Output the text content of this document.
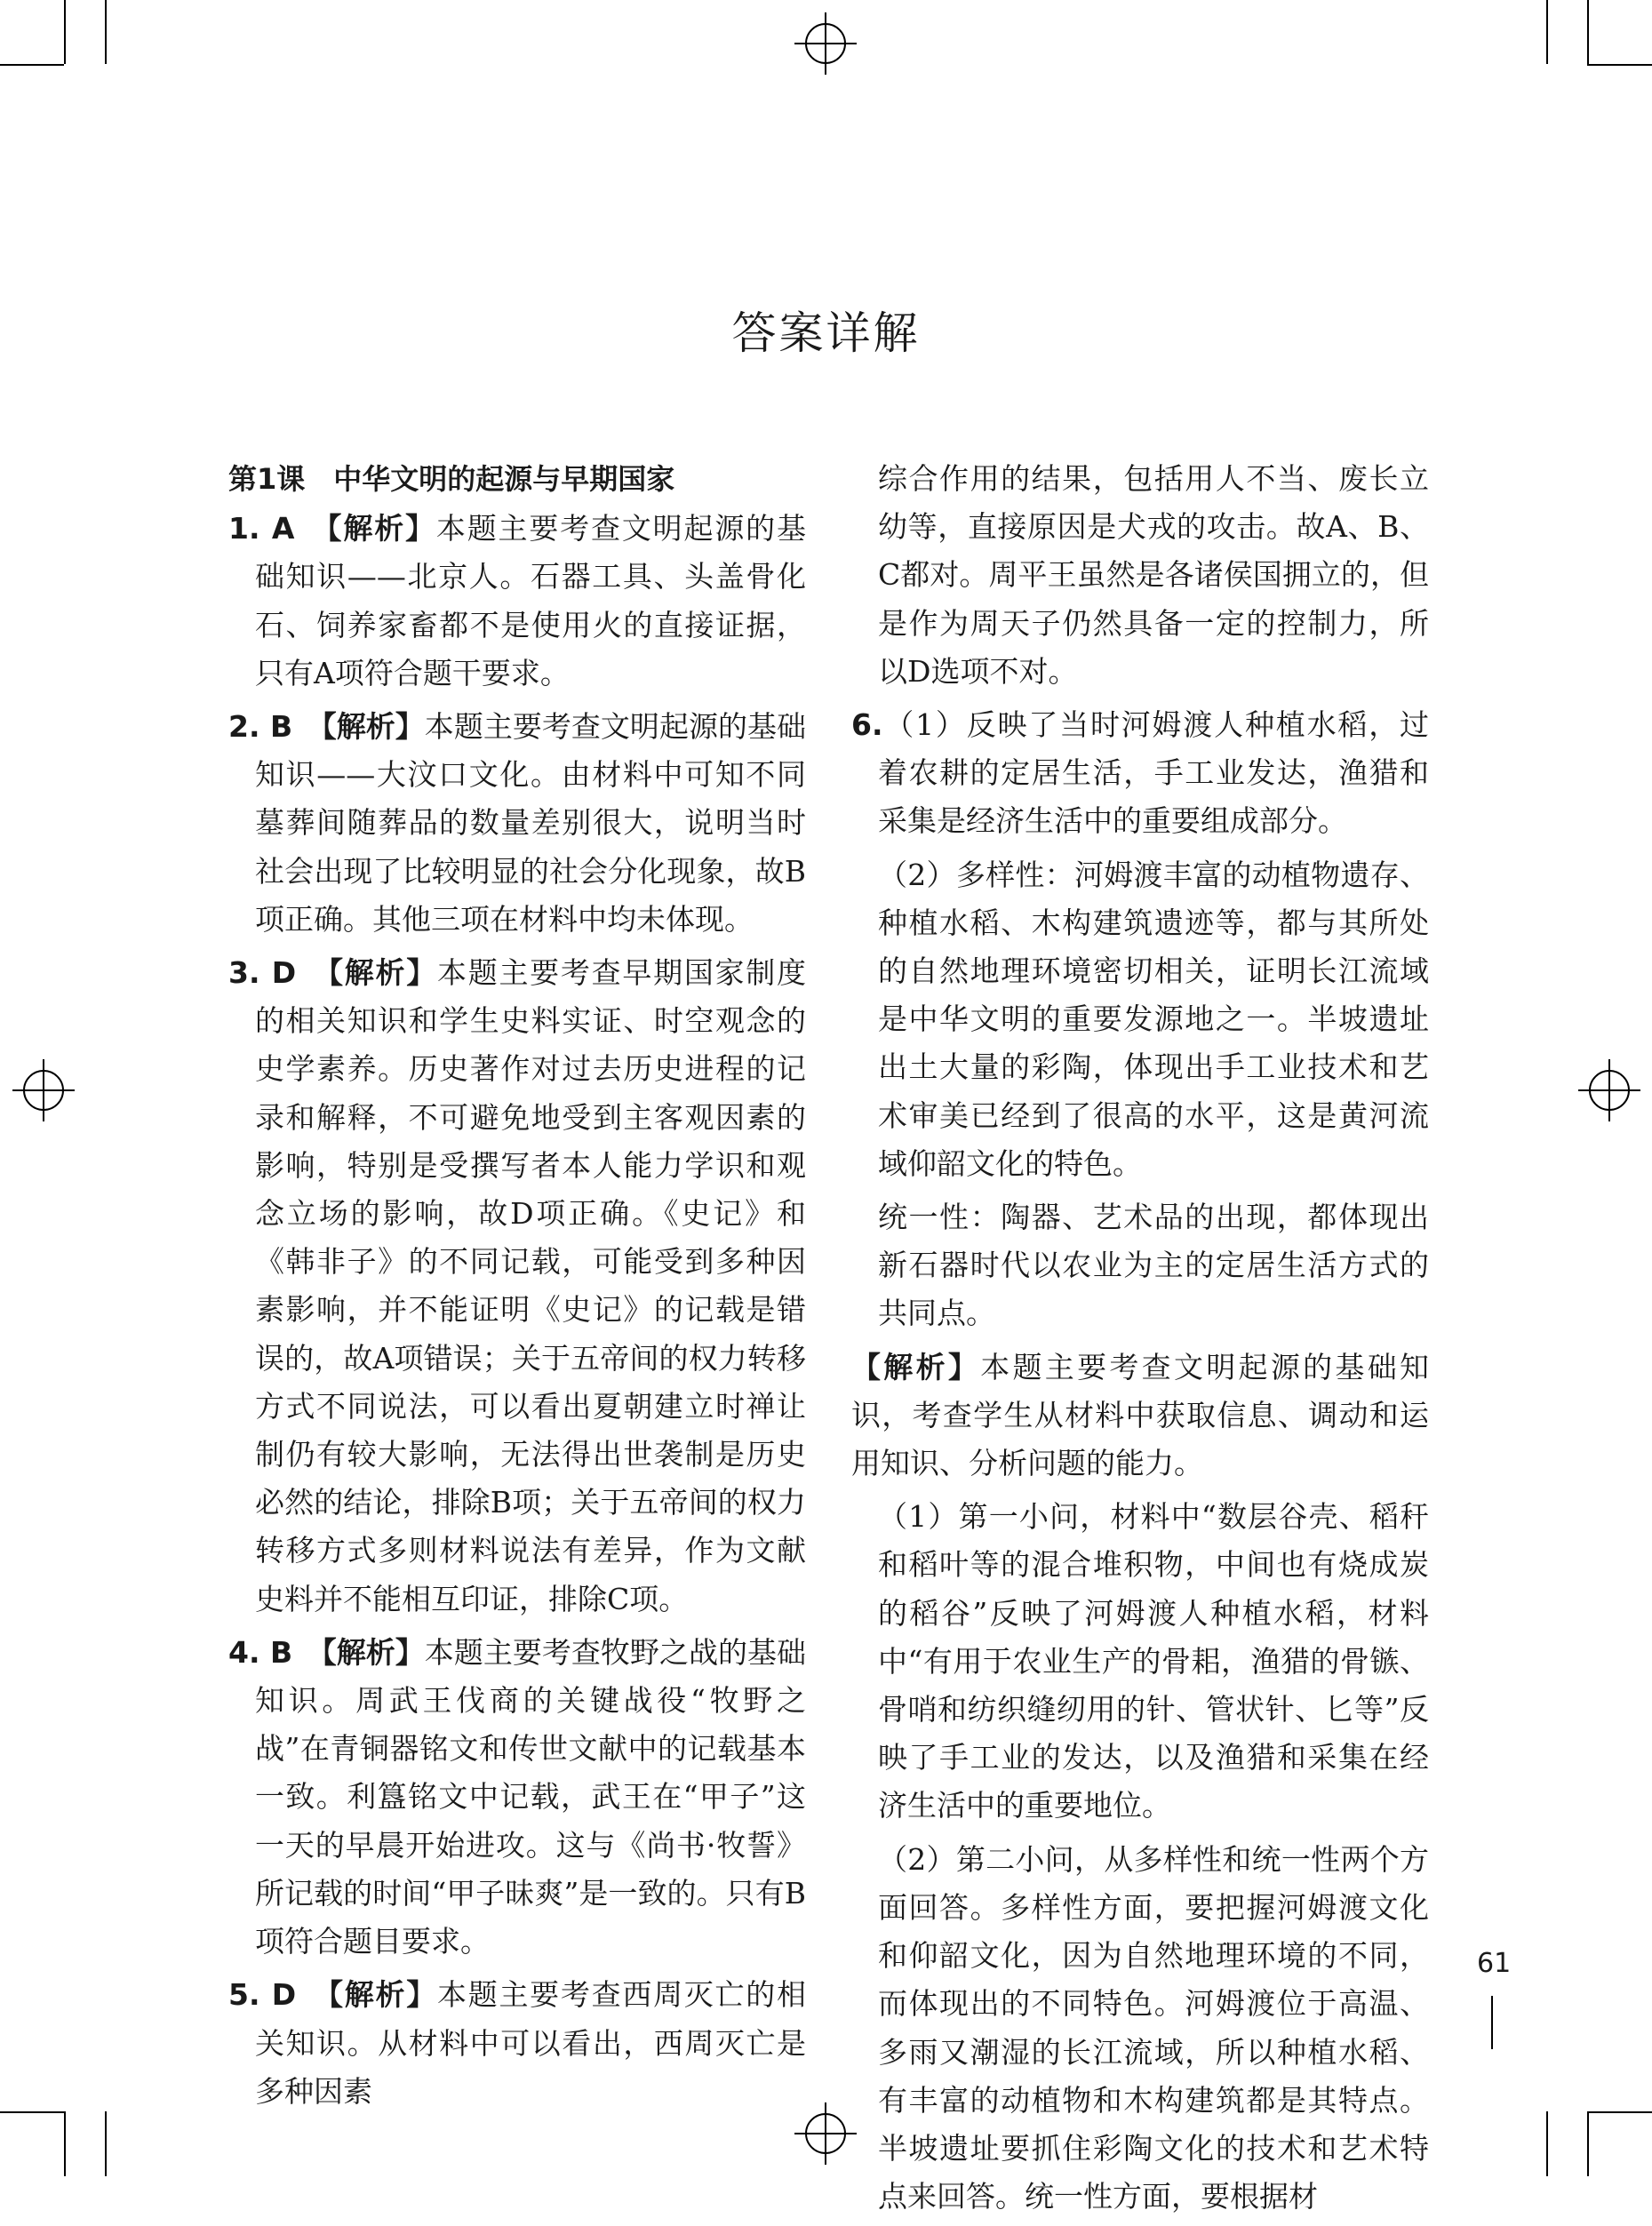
答案详解

第1课　中华文明的起源与早期国家

1. A　 【解析】本题主要考查文明起源的基础知识——北京人。石器工具、头盖骨化石、饲养家畜都不是使用火的直接证据，只有A项符合题干要求。

2. B　 【解析】本题主要考查文明起源的基础知识——大汶口文化。由材料中可知不同墓葬间随葬品的数量差别很大，说明当时社会出现了比较明显的社会分化现象，故B项正确。其他三项在材料中均未体现。

3. D　 【解析】本题主要考查早期国家制度的相关知识和学生史料实证、时空观念的史学素养。历史著作对过去历史进程的记录和解释，不可避免地受到主客观因素的影响，特别是受撰写者本人能力学识和观念立场的影响，故D项正确。《史记》和《韩非子》的不同记载，可能受到多种因素影响，并不能证明《史记》的记载是错误的，故A项错误；关于五帝间的权力转移方式不同说法，可以看出夏朝建立时禅让制仍有较大影响，无法得出世袭制是历史必然的结论，排除B项；关于五帝间的权力转移方式多则材料说法有差异，作为文献史料并不能相互印证，排除C项。

4. B　 【解析】本题主要考查牧野之战的基础知识。周武王伐商的关键战役“牧野之战”在青铜器铭文和传世文献中的记载基本一致。利簋铭文中记载，武王在“甲子”这一天的早晨开始进攻。这与《尚书·牧誓》所记载的时间“甲子昧爽”是一致的。只有B项符合题目要求。

5. D　 【解析】本题主要考查西周灭亡的相关知识。从材料中可以看出，西周灭亡是多种因素

综合作用的结果，包括用人不当、废长立幼等，直接原因是犬戎的攻击。故A、B、C都对。周平王虽然是各诸侯国拥立的，但是作为周天子仍然具备一定的控制力，所以D选项不对。

6.（1）反映了当时河姆渡人种植水稻，过着农耕的定居生活，手工业发达，渔猎和采集是经济生活中的重要组成部分。

（2）多样性：河姆渡丰富的动植物遗存、种植水稻、木构建筑遗迹等，都与其所处的自然地理环境密切相关，证明长江流域是中华文明的重要发源地之一。半坡遗址出土大量的彩陶，体现出手工业技术和艺术审美已经到了很高的水平，这是黄河流域仰韶文化的特色。

统一性：陶器、艺术品的出现，都体现出新石器时代以农业为主的定居生活方式的共同点。

【解析】本题主要考查文明起源的基础知识，考查学生从材料中获取信息、调动和运用知识、分析问题的能力。

（1）第一小问，材料中“数层谷壳、稻秆和稻叶等的混合堆积物，中间也有烧成炭的稻谷”反映了河姆渡人种植水稻，材料中“有用于农业生产的骨耜，渔猎的骨镞、骨哨和纺织缝纫用的针、管状针、匕等”反映了手工业的发达，以及渔猎和采集在经济生活中的重要地位。

（2）第二小问，从多样性和统一性两个方面回答。多样性方面，要把握河姆渡文化和仰韶文化，因为自然地理环境的不同，而体现出的不同特色。河姆渡位于高温、多雨又潮湿的长江流域，所以种植水稻、有丰富的动植物和木构建筑都是其特点。半坡遗址要抓住彩陶文化的技术和艺术特点来回答。统一性方面，要根据材

61
